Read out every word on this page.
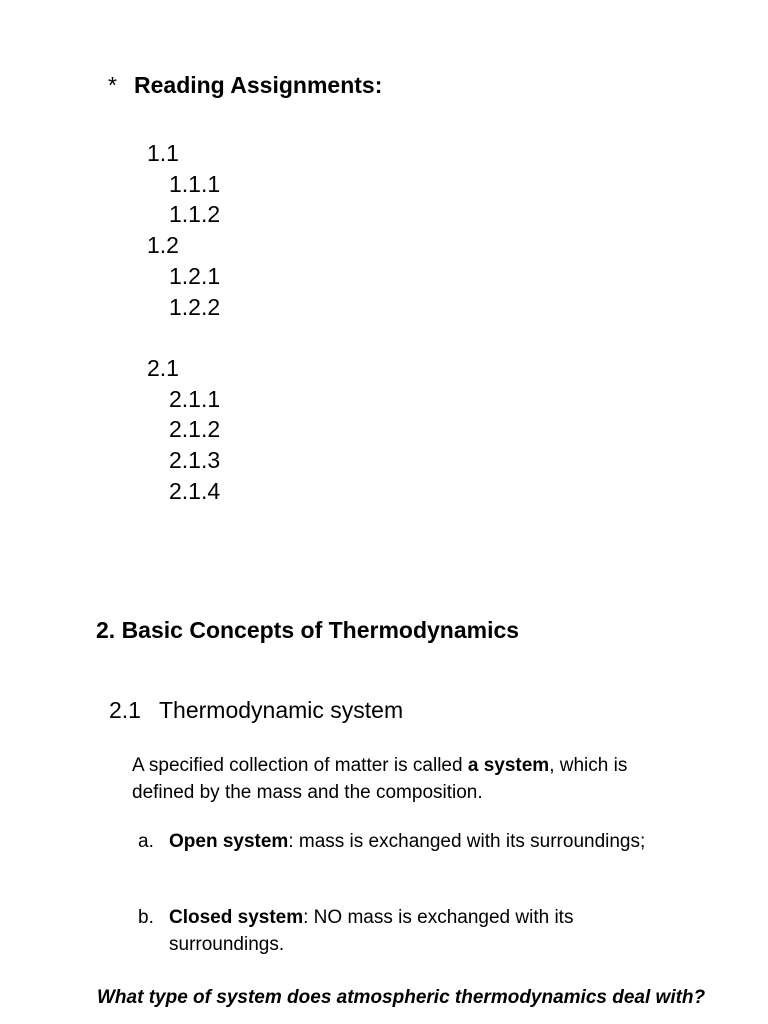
* Reading Assignments:
1.1
1.1.1
1.1.2
1.2
1.2.1
1.2.2
2.1
2.1.1
2.1.2
2.1.3
2.1.4
2. Basic Concepts of Thermodynamics
2.1 Thermodynamic system
A specified collection of matter is called a system, which is defined by the mass and the composition.
a. Open system: mass is exchanged with its surroundings;
b. Closed system: NO mass is exchanged with its surroundings.
What type of system does atmospheric thermodynamics deal with?
